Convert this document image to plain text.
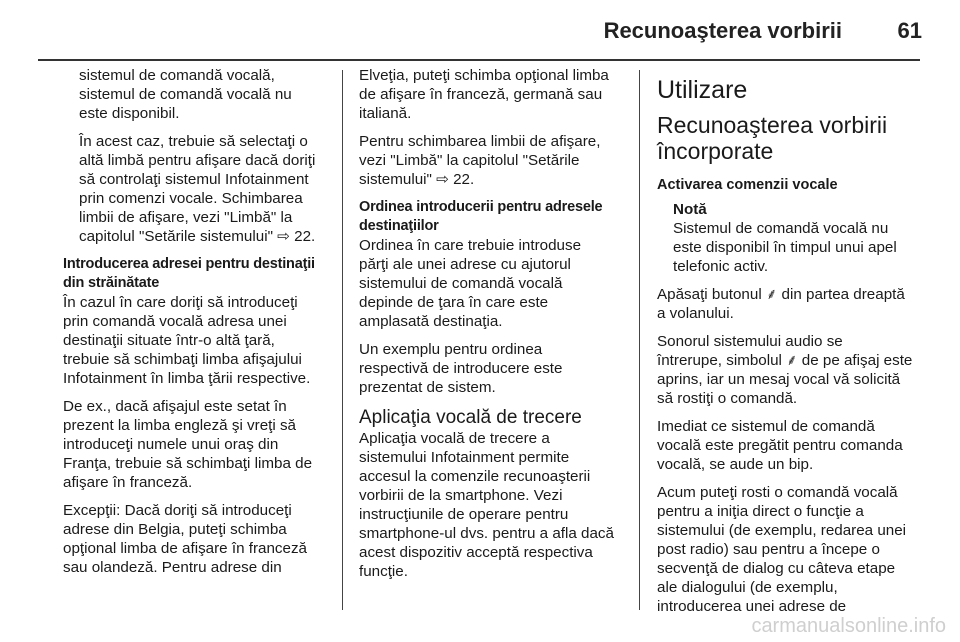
Recunoaşterea vorbirii	61

sistemul de comandă vocală,
sistemul de comandă vocală nu
este disponibil.

În acest caz, trebuie să selectaţi o
altă limbă pentru afişare dacă doriţi
să controlaţi sistemul Infotainment
prin comenzi vocale. Schimbarea
limbii de afişare, vezi "Limbă" la
capitolul "Setările sistemului" ⇨ 22.

Introducerea adresei pentru destinaţii
din străinătate

În cazul în care doriţi să introduceţi
prin comandă vocală adresa unei
destinaţii situate într-o altă ţară,
trebuie să schimbaţi limba afişajului
Infotainment în limba ţării respective.

De ex., dacă afişajul este setat în
prezent la limba engleză şi vreţi să
introduceţi numele unui oraş din
Franţa, trebuie să schimbaţi limba de
afişare în franceză.

Excepţii: Dacă doriţi să introduceţi
adrese din Belgia, puteţi schimba
opţional limba de afişare în franceză
sau olandeză. Pentru adrese din

Elveţia, puteţi schimba opţional limba
de afişare în franceză, germană sau
italiană.

Pentru schimbarea limbii de afişare,
vezi "Limbă" la capitolul "Setările
sistemului" ⇨ 22.

Ordinea introducerii pentru adresele
destinaţiilor

Ordinea în care trebuie introduse
părţi ale unei adrese cu ajutorul
sistemului de comandă vocală
depinde de ţara în care este
amplasată destinaţia.

Un exemplu pentru ordinea
respectivă de introducere este
prezentat de sistem.

Aplicaţia vocală de trecere

Aplicaţia vocală de trecere a
sistemului Infotainment permite
accesul la comenzile recunoaşterii
vorbirii de la smartphone. Vezi
instrucţiunile de operare pentru
smartphone-ul dvs. pentru a afla dacă
acest dispozitiv acceptă respectiva
funcţie.

Utilizare
Recunoaşterea vorbirii
încorporate
Activarea comenzii vocale

Notă
Sistemul de comandă vocală nu
este disponibil în timpul unui apel
telefonic activ.

Apăsaţi butonul ⸙ din partea dreaptă
a volanului.

Sonorul sistemului audio se
întrerupe, simbolul ⸙ de pe afişaj este
aprins, iar un mesaj vocal vă solicită
să rostiţi o comandă.

Imediat ce sistemul de comandă
vocală este pregătit pentru comanda
vocală, se aude un bip.

Acum puteţi rosti o comandă vocală
pentru a iniţia direct o funcţie a
sistemului (de exemplu, redarea unei
post radio) sau pentru a începe o
secvenţă de dialog cu câteva etape
ale dialogului (de exemplu,
introducerea unei adrese de

carmanualsonline.info
